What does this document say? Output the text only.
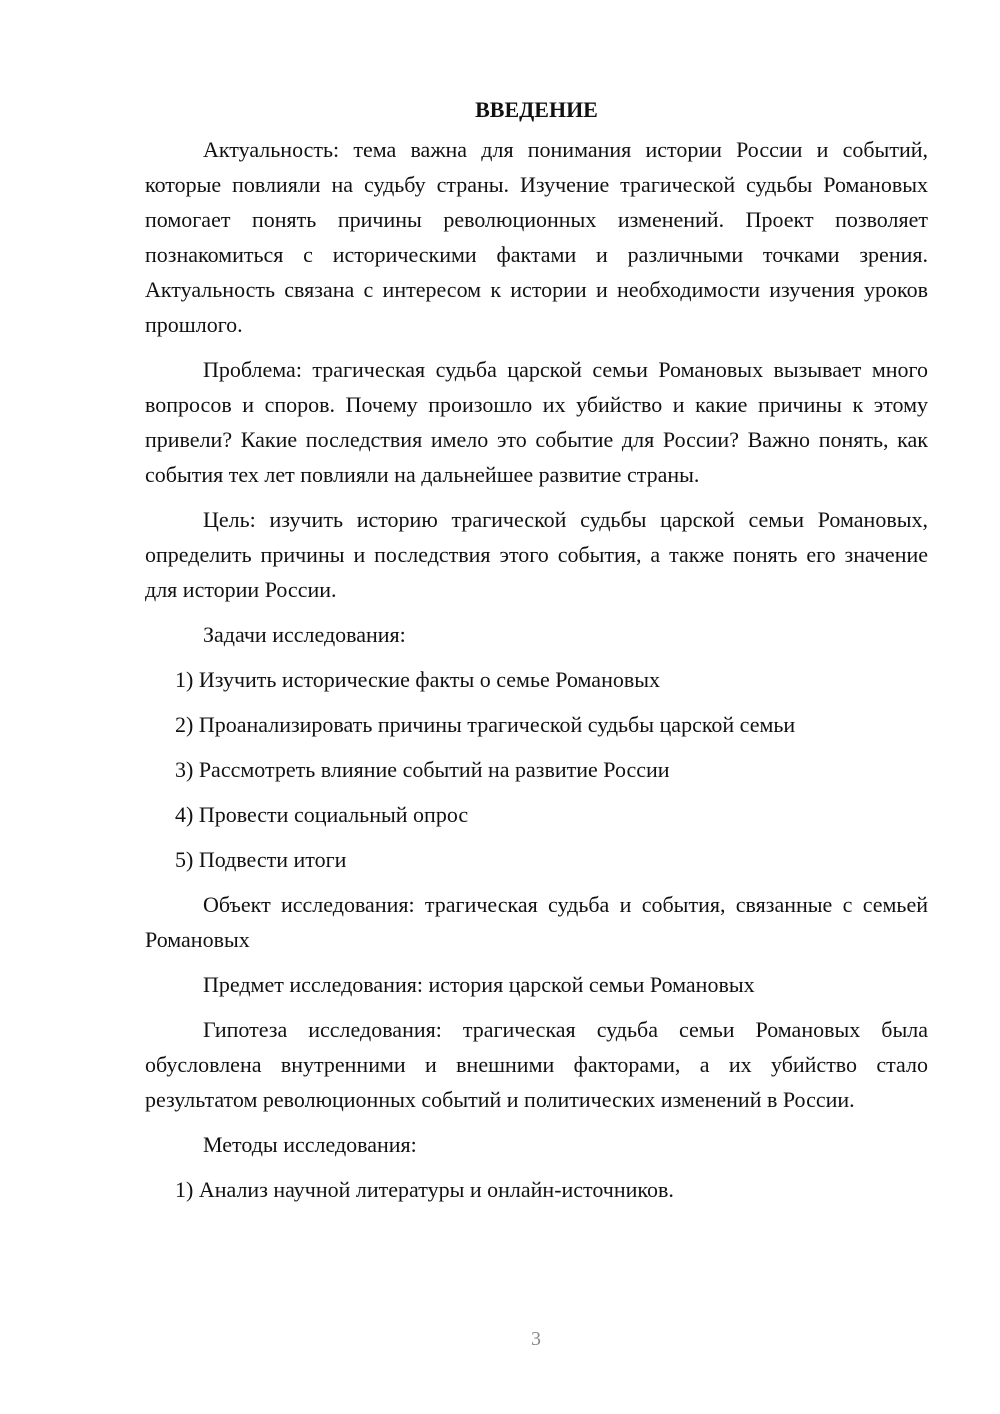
ВВЕДЕНИЕ

Актуальность: тема важна для понимания истории России и событий, которые повлияли на судьбу страны. Изучение трагической судьбы Романовых помогает понять причины революционных изменений. Проект позволяет познакомиться с историческими фактами и различными точками зрения. Актуальность связана с интересом к истории и необходимости изучения уроков прошлого.

Проблема: трагическая судьба царской семьи Романовых вызывает много вопросов и споров. Почему произошло их убийство и какие причины к этому привели? Какие последствия имело это событие для России? Важно понять, как события тех лет повлияли на дальнейшее развитие страны.

Цель: изучить историю трагической судьбы царской семьи Романовых, определить причины и последствия этого события, а также понять его значение для истории России.

Задачи исследования:

1) Изучить исторические факты о семье Романовых
2) Проанализировать причины трагической судьбы царской семьи
3) Рассмотреть влияние событий на развитие России
4) Провести социальный опрос
5) Подвести итоги

Объект исследования: трагическая судьба и события, связанные с семьей Романовых

Предмет исследования: история царской семьи Романовых

Гипотеза исследования: трагическая судьба семьи Романовых была обусловлена внутренними и внешними факторами, а их убийство стало результатом революционных событий и политических изменений в России.

Методы исследования:

1) Анализ научной литературы и онлайн-источников.
3
